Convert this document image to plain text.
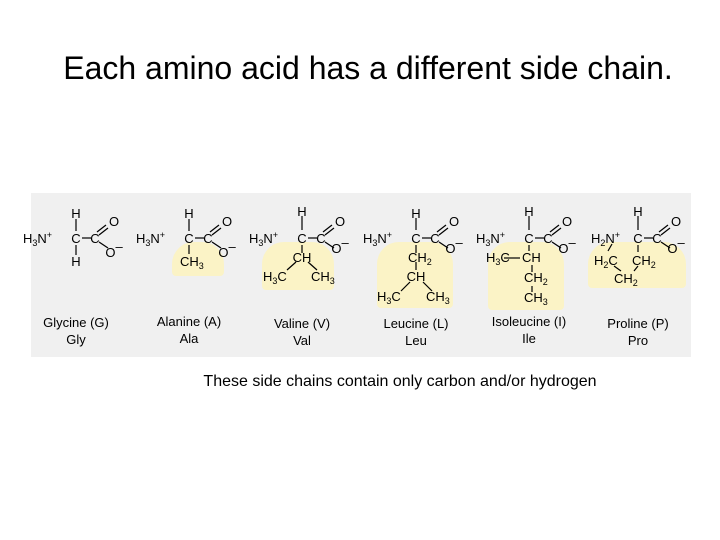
Each amino acid has a different side chain.
H
$H_3N^+$ C C
O
O–
H
H
$H_3N^+$ C C
O
O–
$CH_3$
H
$H_3N^+$ C C
O
O–
CH
$H_3C$ $CH_3$
H
$H_3N^+$ C C
O
O–
$CH_2$
CH
$H_3C$ $CH_3$
H
$H_3N^+$ C C
O
O–
$H_3C$ CH
$CH_2$
$CH_3$
H
$H_2N^+$ C C
O
O–
$H_2C$ $CH_2$
$CH_2$
Glycine (G)
Gly
Alanine (A)
Ala
Valine (V)
Val
Leucine (L)
Leu
Isoleucine (I)
Ile
Proline (P)
Pro
These side chains contain only carbon and/or hydrogen
